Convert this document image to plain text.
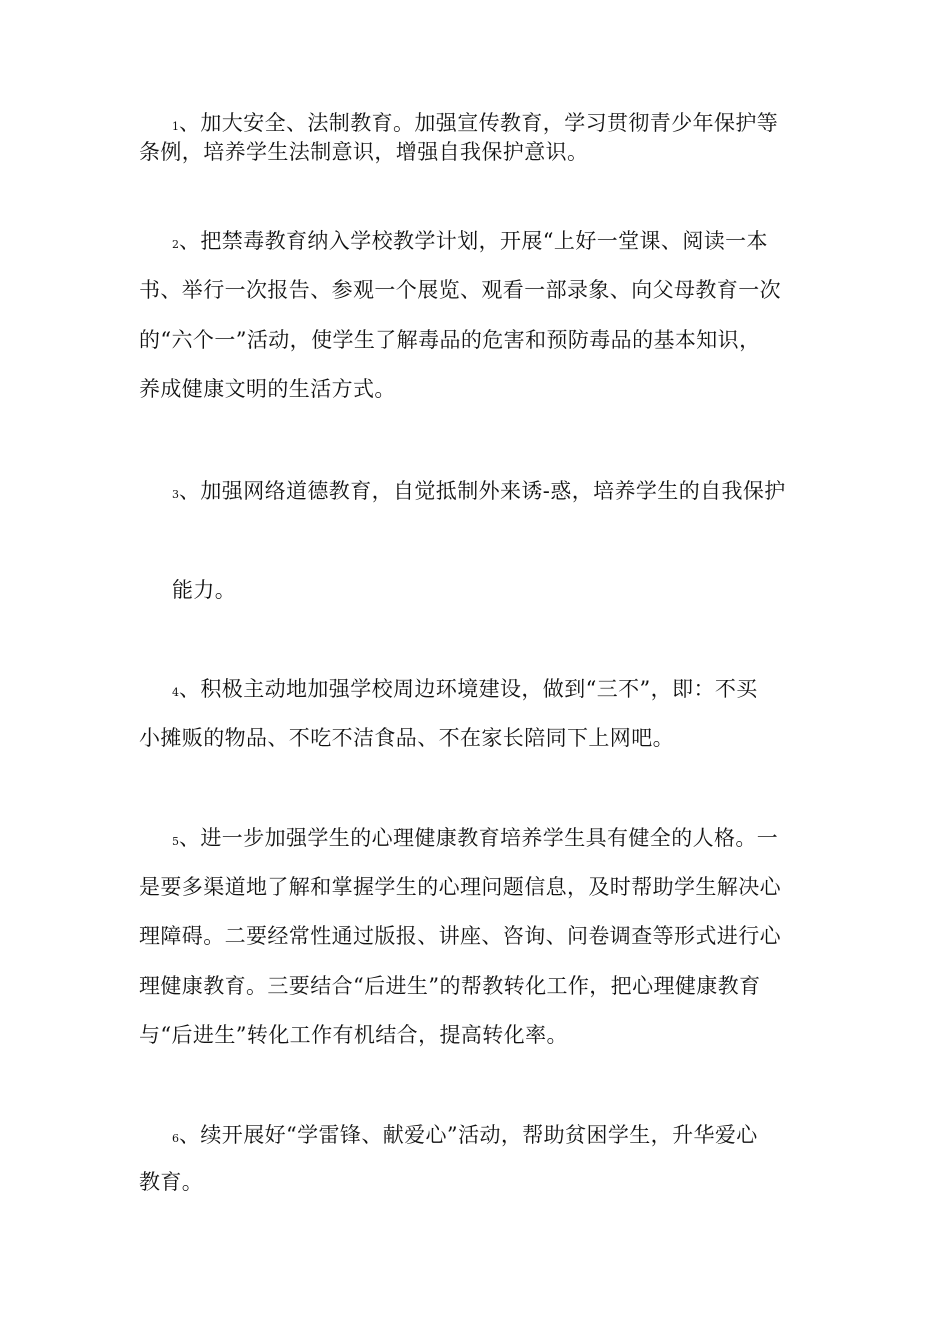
1、加大安全、法制教育。加强宣传教育，学习贯彻青少年保护等
条例，培养学生法制意识，增强自我保护意识。
2、把禁毒教育纳入学校教学计划，开展“上好一堂课、阅读一本
书、举行一次报告、参观一个展览、观看一部录象、向父母教育一次
的“六个一”活动，使学生了解毒品的危害和预防毒品的基本知识，
养成健康文明的生活方式。
3、加强网络道德教育，自觉抵制外来诱-惑，培养学生的自我保护
能力。
4、积极主动地加强学校周边环境建设，做到“三不”，即：不买
小摊贩的物品、不吃不洁食品、不在家长陪同下上网吧。
5、进一步加强学生的心理健康教育培养学生具有健全的人格。一
是要多渠道地了解和掌握学生的心理问题信息，及时帮助学生解决心
理障碍。二要经常性通过版报、讲座、咨询、问卷调查等形式进行心
理健康教育。三要结合“后进生”的帮教转化工作，把心理健康教育
与“后进生”转化工作有机结合，提高转化率。
6、续开展好“学雷锋、献爱心”活动，帮助贫困学生，升华爱心
教育。
